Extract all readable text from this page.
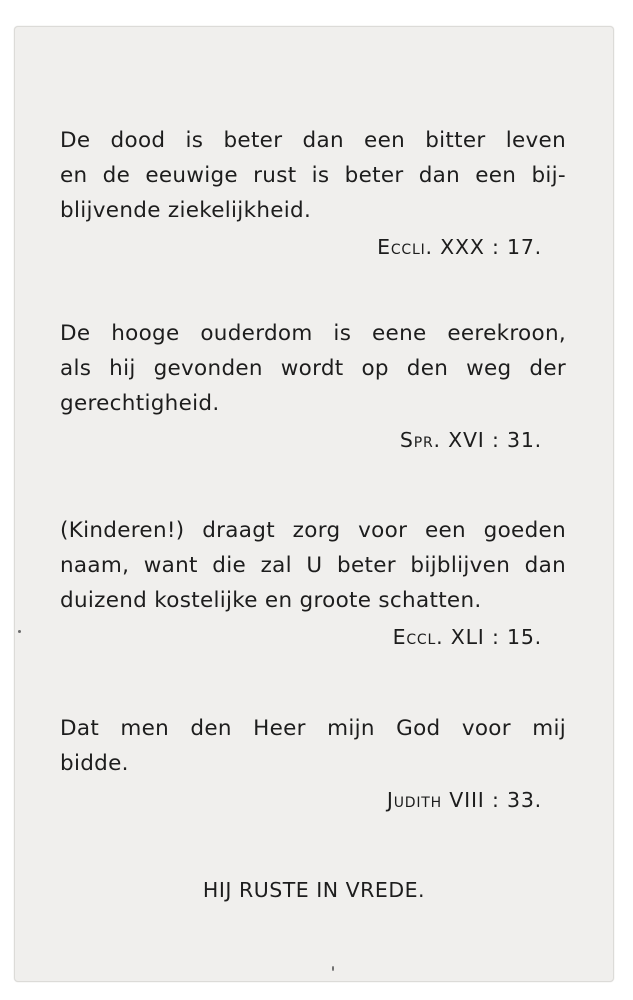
De dood is beter dan een bitter leven
en de eeuwige rust is beter dan een bij-
blijvende ziekelijkheid.
Eccli. XXX : 17.
De hooge ouderdom is eene eerekroon,
als hij gevonden wordt op den weg der
gerechtigheid.
Spr. XVI : 31.
(Kinderen!) draagt zorg voor een goeden
naam, want die zal U beter bijblijven dan
duizend kostelijke en groote schatten.
Eccl. XLI : 15.
Dat men den Heer mijn God voor mij
bidde.
Judith VIII : 33.
HIJ RUSTE IN VREDE.
